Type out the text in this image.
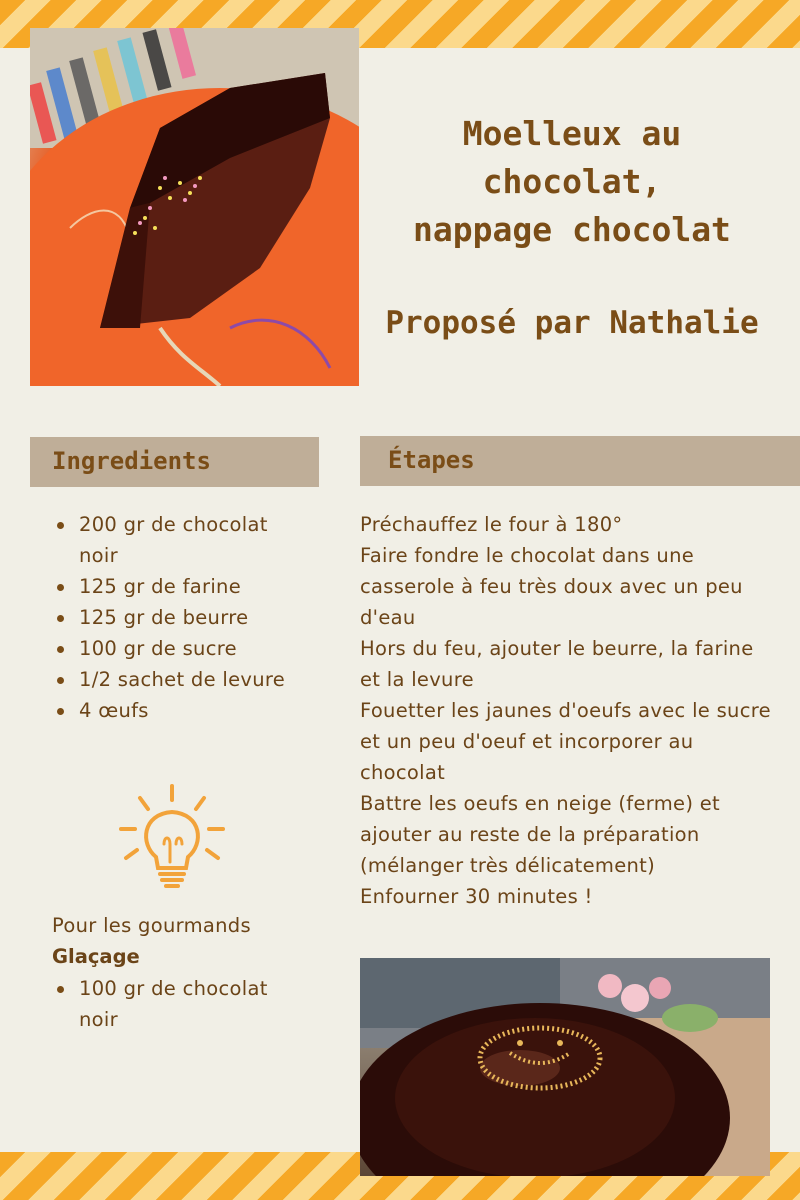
Moelleux au
chocolat,
nappage chocolat
Proposé par Nathalie
Ingredients	Étapes
200 gr de chocolat noir
125 gr de farine
125 gr de beurre
100 gr de sucre
1/2 sachet de levure
4 œufs
Préchauffez le four à 180°
Faire fondre le chocolat dans une casserole à feu très doux avec un peu d'eau
Hors du feu, ajouter le beurre, la farine et la levure
Fouetter les jaunes d'oeufs avec le sucre et un peu d'oeuf et incorporer au chocolat
Battre les oeufs en neige (ferme) et ajouter au reste de la préparation (mélanger très délicatement)
Enfourner 30 minutes !
Pour les gourmands
Glaçage
100 gr de chocolat noir
